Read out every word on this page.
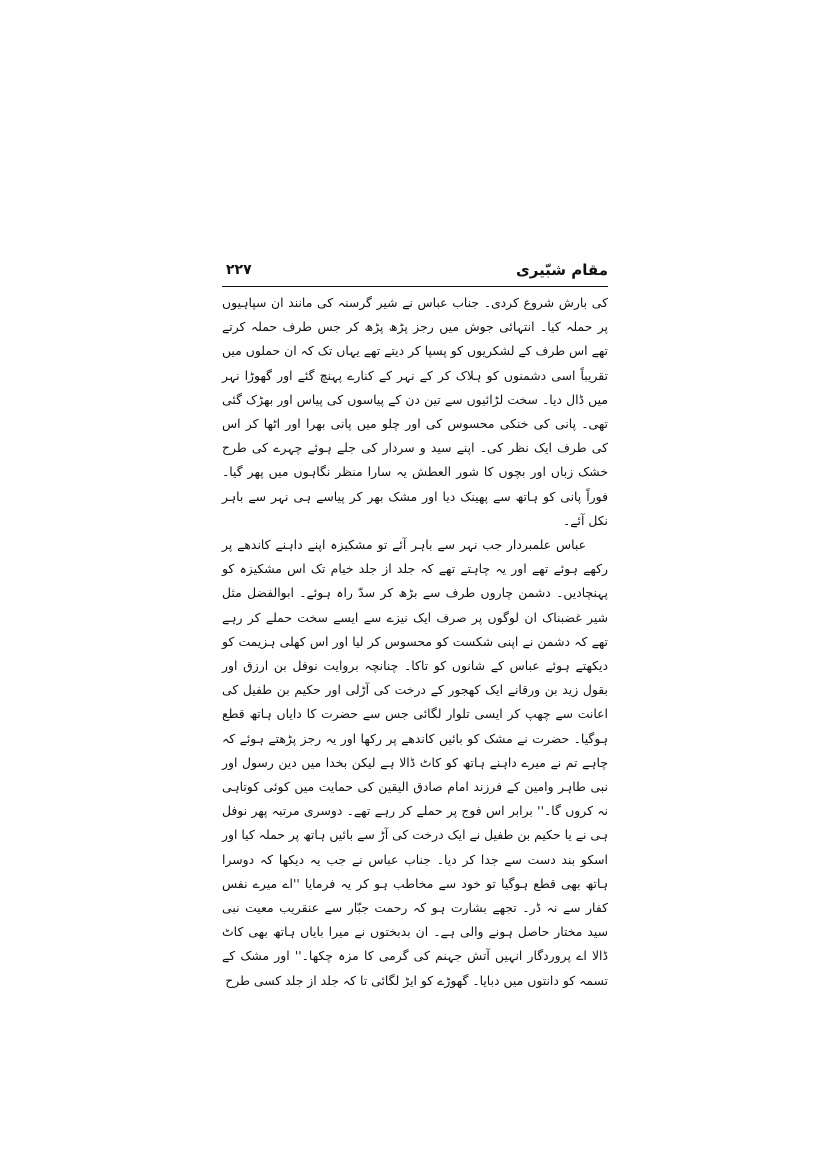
مقام شبّیری
۲۲۷

کی بارش شروع کردی۔ جناب عباس نے شیر گرسنہ کی مانند ان سپاہیوں پر حملہ کیا۔ انتہائی جوش میں رجز پڑھ پڑھ کر جس طرف حملہ کرتے تھے اس طرف کے لشکریوں کو پسپا کر دیتے تھے یہاں تک کہ ان حملوں میں تقریباً اسی دشمنوں کو ہلاک کر کے نہر کے کنارے پہنچ گئے اور گھوڑا نہر میں ڈال دیا۔ سخت لڑائیوں سے تین دن کے پیاسوں کی پیاس اور بھڑک گئی تھی۔ پانی کی خنکی محسوس کی اور چلو میں پانی بھرا اور اٹھا کر اس کی طرف ایک نظر کی۔ اپنے سید و سردار کی جلے ہوئے چہرے کی طرح خشک زباں اور بچوں کا شور العطش یہ سارا منظر نگاہوں میں پھر گیا۔ فوراً پانی کو ہاتھ سے پھینک دیا اور مشک بھر کر پیاسے ہی نہر سے باہر نکل آئے۔

عباس علمبردار جب نہر سے باہر آئے تو مشکیزہ اپنے داہنے کاندھے پر رکھے ہوئے تھے اور یہ چاہتے تھے کہ جلد از جلد خیام تک اس مشکیزہ کو پہنچادیں۔ دشمن چاروں طرف سے بڑھ کر سدّ راہ ہوئے۔ ابوالفضل مثل شیر غضبناک ان لوگوں پر صرف ایک نیزے سے ایسے سخت حملے کر رہے تھے کہ دشمن نے اپنی شکست کو محسوس کر لیا اور اس کھلی ہزیمت کو دیکھتے ہوئے عباس کے شانوں کو تاکا۔ چنانچہ بروایت نوفل بن ارزق اور بقول زید بن ورقانے ایک کھجور کے درخت کی آڑلی اور حکیم بن طفیل کی اعانت سے چھپ کر ایسی تلوار لگائی جس سے حضرت کا دایاں ہاتھ قطع ہوگیا۔ حضرت نے مشک کو بائیں کاندھے پر رکھا اور یہ رجز پڑھتے ہوئے کہ چاہے تم نے میرے داہنے ہاتھ کو کاٹ ڈالا ہے لیکن بخدا میں دین رسول اور نبی طاہر وامین کے فرزند امام صادق الیقین کی حمایت میں کوئی کوتاہی نہ کروں گا۔'' برابر اس فوج پر حملے کر رہے تھے۔ دوسری مرتبہ پھر نوفل ہی نے یا حکیم بن طفیل نے ایک درخت کی آڑ سے بائیں ہاتھ پر حملہ کیا اور اسکو بند دست سے جدا کر دیا۔ جناب عباس نے جب یہ دیکھا کہ دوسرا ہاتھ بھی قطع ہوگیا تو خود سے مخاطب ہو کر یہ فرمایا ''اے میرے نفس کفار سے نہ ڈر۔ تجھے بشارت ہو کہ رحمت جبّار سے عنقریب معیت نبی سید مختار حاصل ہونے والی ہے۔ ان بدبختوں نے میرا بایاں ہاتھ بھی کاٹ ڈالا اے پروردگار انہیں آتش جہنم کی گرمی کا مزہ چکھا۔'' اور مشک کے تسمہ کو دانتوں میں دبایا۔ گھوڑے کو ایڑ لگائی تا کہ جلد از جلد کسی طرح
